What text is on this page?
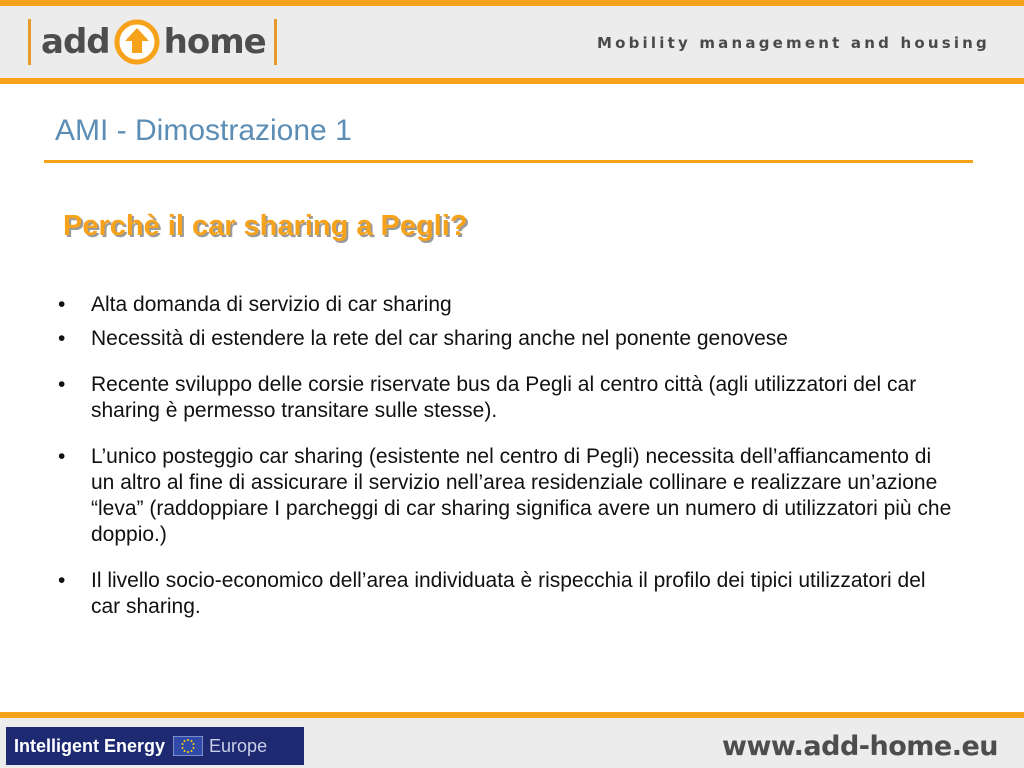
add home	Mobility management and housing
AMI - Dimostrazione 1
Perchè il car sharing a Pegli?
•	Alta domanda di servizio di car sharing
•	Necessità di estendere la rete del car sharing anche nel ponente genovese
•	Recente sviluppo delle corsie riservate bus da Pegli al centro città (agli utilizzatori del car sharing è permesso transitare sulle stesse).
•	L’unico posteggio car sharing (esistente nel centro di Pegli) necessita dell’affiancamento di un altro al fine di assicurare il servizio nell’area residenziale collinare e realizzare un’azione “leva” (raddoppiare I parcheggi di car sharing significa avere un numero di utilizzatori più che doppio.)
•	Il livello socio-economico dell’area individuata è rispecchia il profilo dei tipici utilizzatori del car sharing.
Intelligent Energy Europe	www.add-home.eu
